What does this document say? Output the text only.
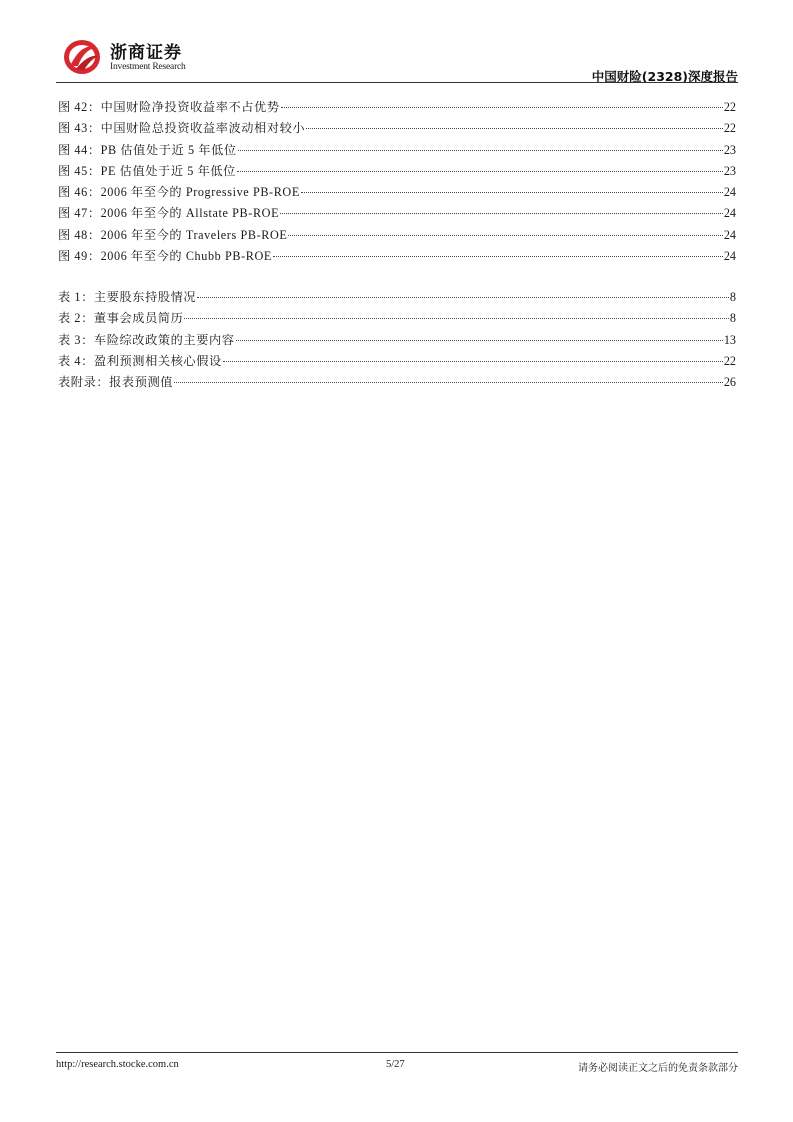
浙商证券
Investment Research
中国财险(2328)深度报告
图 42：中国财险净投资收益率不占优势	22
图 43：中国财险总投资收益率波动相对较小	22
图 44：PB 估值处于近 5 年低位	23
图 45：PE 估值处于近 5 年低位	23
图 46：2006 年至今的 Progressive PB-ROE	24
图 47：2006 年至今的 Allstate PB-ROE	24
图 48：2006 年至今的 Travelers PB-ROE	24
图 49：2006 年至今的 Chubb PB-ROE	24
表 1：主要股东持股情况	8
表 2：董事会成员简历	8
表 3：车险综改政策的主要内容	13
表 4：盈利预测相关核心假设	22
表附录：报表预测值	26
http://research.stocke.com.cn	5/27	请务必阅读正文之后的免责条款部分
